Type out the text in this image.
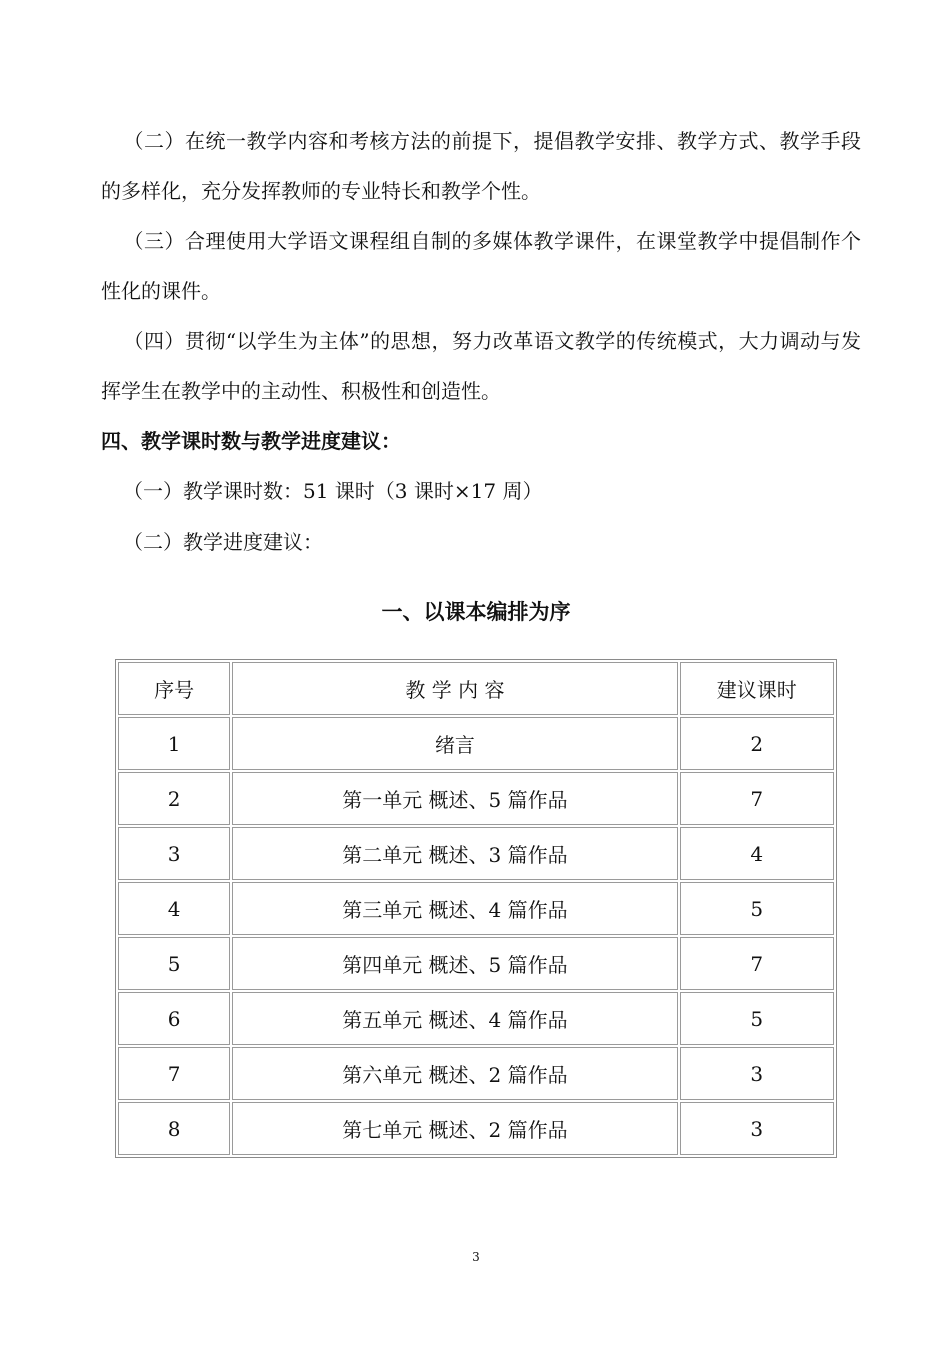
（二）在统一教学内容和考核方法的前提下，提倡教学安排、教学方式、教学手段的多样化，充分发挥教师的专业特长和教学个性。

（三）合理使用大学语文课程组自制的多媒体教学课件，在课堂教学中提倡制作个性化的课件。

（四）贯彻“以学生为主体”的思想，努力改革语文教学的传统模式，大力调动与发挥学生在教学中的主动性、积极性和创造性。

四、教学课时数与教学进度建议：

（一）教学课时数：51 课时（3 课时×17 周）

（二）教学进度建议：

一、以课本编排为序
序号	教 学 内 容	建议课时
1	绪言	2
2	第一单元 概述、5 篇作品	7
3	第二单元 概述、3 篇作品	4
4	第三单元 概述、4 篇作品	5
5	第四单元 概述、5 篇作品	7
6	第五单元 概述、4 篇作品	5
7	第六单元 概述、2 篇作品	3
8	第七单元 概述、2 篇作品	3

3
